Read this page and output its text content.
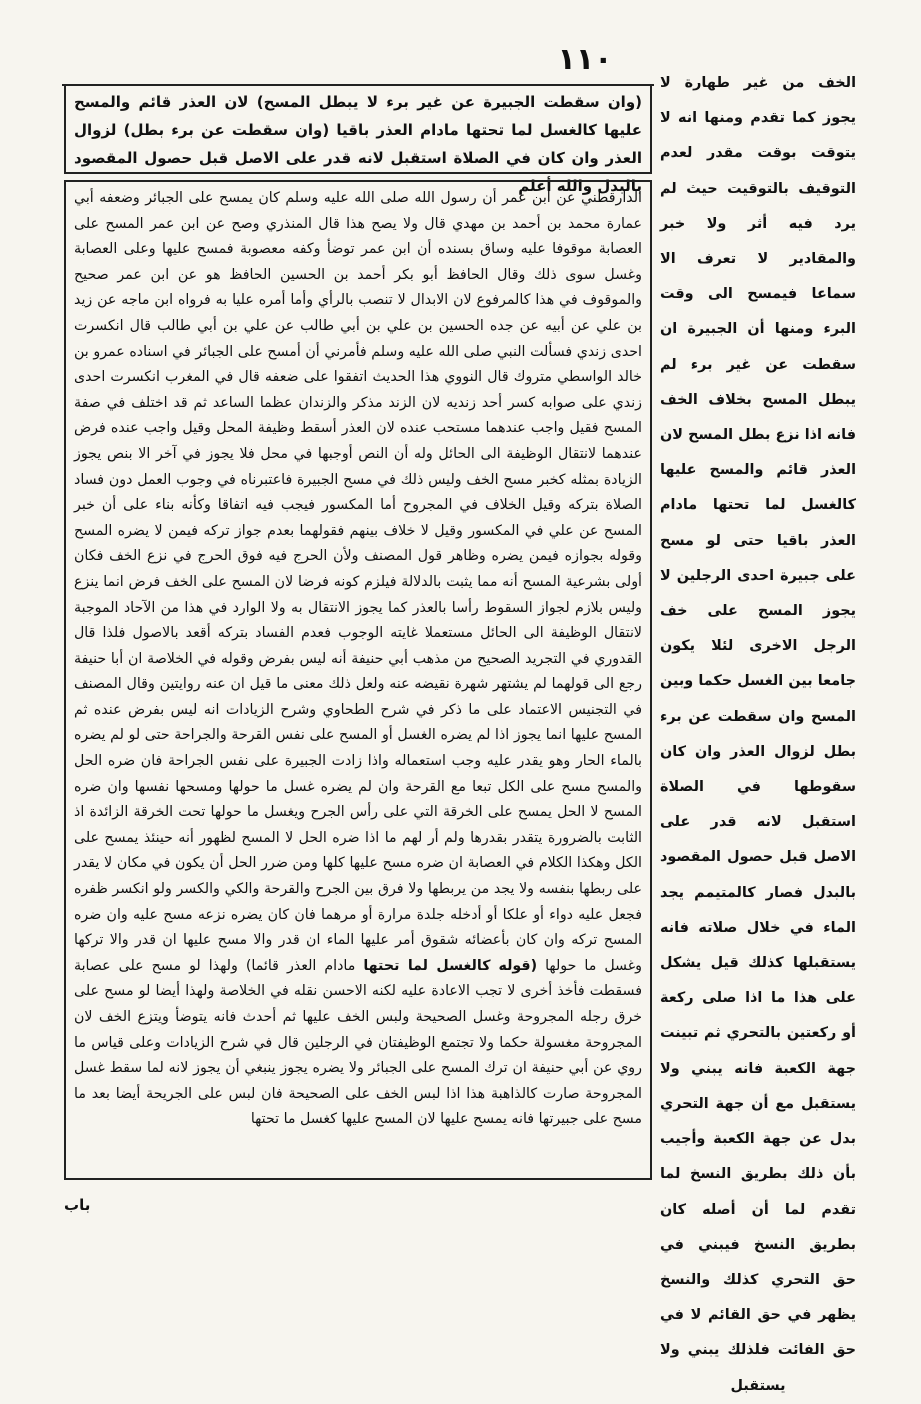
١١٠
(وان سقطت الجبيرة عن غير برء لا يبطل المسح) لان العذر قائم والمسح عليها كالغسل لما تحتها مادام العذر باقيا (وان سقطت عن برء بطل) لزوال العذر وان كان في الصلاة استقبل لانه قدر على الاصل قبل حصول المقصود بالبدل والله أعلم
الدارقطني عن ابن عمر أن رسول الله صلى الله عليه وسلم كان يمسح على الجبائر وضعفه أبي عمارة محمد بن أحمد بن مهدي قال ولا يصح هذا قال المنذري وصح عن ابن عمر المسح على العصابة موقوفا عليه وساق بسنده أن ابن عمر توضأ وكفه معصوبة فمسح عليها وعلى العصابة وغسل سوى ذلك وقال الحافظ أبو بكر أحمد بن الحسين الحافظ هو عن ابن عمر صحيح والموقوف في هذا كالمرفوع لان الابدال لا تنصب بالرأي وأما أمره عليا به فرواه ابن ماجه عن زيد بن علي عن أبيه عن جده الحسين بن علي بن أبي طالب عن علي بن أبي طالب قال انكسرت احدى زندي فسألت النبي صلى الله عليه وسلم فأمرني أن أمسح على الجبائر في اسناده عمرو بن خالد الواسطي متروك قال النووي هذا الحديث اتفقوا على ضعفه قال في المغرب انكسرت احدى زندي على صوابه كسر أحد زنديه لان الزند مذكر والزندان عظما الساعد ثم قد اختلف في صفة المسح فقيل واجب عندهما مستحب عنده لان العذر أسقط وظيفة المحل وقيل واجب عنده فرض عندهما لانتقال الوظيفة الى الحائل وله أن النص أوجبها في محل فلا يجوز في آخر الا بنص يجوز الزيادة بمثله كخبر مسح الخف وليس ذلك في مسح الجبيرة فاعتبرناه في وجوب العمل دون فساد الصلاة بتركه وقيل الخلاف في المجروح أما المكسور فيجب فيه اتفاقا وكأنه بناء على أن خبر المسح عن علي في المكسور وقيل لا خلاف بينهم فقولهما بعدم جواز تركه فيمن لا يضره المسح وقوله بجوازه فيمن يضره وظاهر قول المصنف ولأن الحرج فيه فوق الحرج في نزع الخف فكان أولى بشرعية المسح أنه مما يثبت بالدلالة فيلزم كونه فرضا لان المسح على الخف فرض انما ينزع وليس بلازم لجواز السقوط رأسا بالعذر كما يجوز الانتقال به ولا الوارد في هذا من الآحاد الموجبة لانتقال الوظيفة الى الحائل مستعملا غايته الوجوب فعدم الفساد بتركه أقعد بالاصول فلذا قال القدوري في التجريد الصحيح من مذهب أبي حنيفة أنه ليس بفرض وقوله في الخلاصة ان أبا حنيفة رجع الى قولهما لم يشتهر شهرة نقيضه عنه ولعل ذلك معنى ما قيل ان عنه روايتين وقال المصنف في التجنيس الاعتماد على ما ذكر في شرح الطحاوي وشرح الزيادات انه ليس بفرض عنده ثم المسح عليها انما يجوز اذا لم يضره الغسل أو المسح على نفس القرحة والجراحة حتى لو لم يضره بالماء الحار وهو يقدر عليه وجب استعماله واذا زادت الجبيرة على نفس الجراحة فان ضره الحل والمسح مسح على الكل تبعا مع القرحة وان لم يضره غسل ما حولها ومسحها نفسها وان ضره المسح لا الحل يمسح على الخرقة التي على رأس الجرح ويغسل ما حولها تحت الخرقة الزائدة اذ الثابت بالضرورة يتقدر بقدرها ولم أر لهم ما اذا ضره الحل لا المسح لظهور أنه حينئذ يمسح على الكل وهكذا الكلام في العصابة ان ضره مسح عليها كلها ومن ضرر الحل أن يكون في مكان لا يقدر على ربطها بنفسه ولا يجد من يربطها ولا فرق بين الجرح والقرحة والكي والكسر ولو انكسر ظفره فجعل عليه دواء أو علكا أو أدخله جلدة مرارة أو مرهما فان كان يضره نزعه مسح عليه وان ضره المسح تركه وان كان بأعضائه شقوق أمر عليها الماء ان قدر والا مسح عليها ان قدر والا تركها وغسل ما حولها (قوله كالغسل لما تحتها مادام العذر قائما) ولهذا لو مسح على عصابة فسقطت فأخذ أخرى لا تجب الاعادة عليه لكنه الاحسن نقله في الخلاصة ولهذا أيضا لو مسح على خرق رجله المجروحة وغسل الصحيحة ولبس الخف عليها ثم أحدث فانه يتوضأ ويتزع الخف لان المجروحة مغسولة حكما ولا تجتمع الوظيفتان في الرجلين قال في شرح الزيادات وعلى قياس ما روي عن أبي حنيفة ان ترك المسح على الجبائر ولا يضره يجوز ينبغي أن يجوز لانه لما سقط غسل المجروحة صارت كالذاهبة هذا اذا لبس الخف على الصحيحة فان لبس على الجريحة أيضا بعد ما مسح على جبيرتها فانه يمسح عليها لان المسح عليها كغسل ما تحتها
الخف من غير طهارة لا يجوز كما تقدم ومنها انه لا يتوقت بوقت مقدر لعدم التوقيف بالتوقيت حيث لم يرد فيه أثر ولا خبر والمقادير لا تعرف الا سماعا فيمسح الى وقت البرء ومنها أن الجبيرة ان سقطت عن غير برء لم يبطل المسح بخلاف الخف فانه اذا نزع بطل المسح لان العذر قائم والمسح عليها كالغسل لما تحتها مادام العذر باقيا حتى لو مسح على جبيرة احدى الرجلين لا يجوز المسح على خف الرجل الاخرى لئلا يكون جامعا بين الغسل حكما وبين المسح وان سقطت عن برء بطل لزوال العذر وان كان سقوطها في الصلاة استقبل لانه قدر على الاصل قبل حصول المقصود بالبدل فصار كالمتيمم يجد الماء في خلال صلاته فانه يستقبلها كذلك قيل يشكل على هذا ما اذا صلى ركعة أو ركعتين بالتحري ثم تبينت جهة الكعبة فانه يبني ولا يستقبل مع أن جهة التحري بدل عن جهة الكعبة وأجيب بأن ذلك بطريق النسخ لما تقدم لما أن أصله كان بطريق النسخ فيبني في حق التحري كذلك والنسخ يظهر في حق القائم لا في حق الفائت فلذلك يبني ولا يستقبل
باب
